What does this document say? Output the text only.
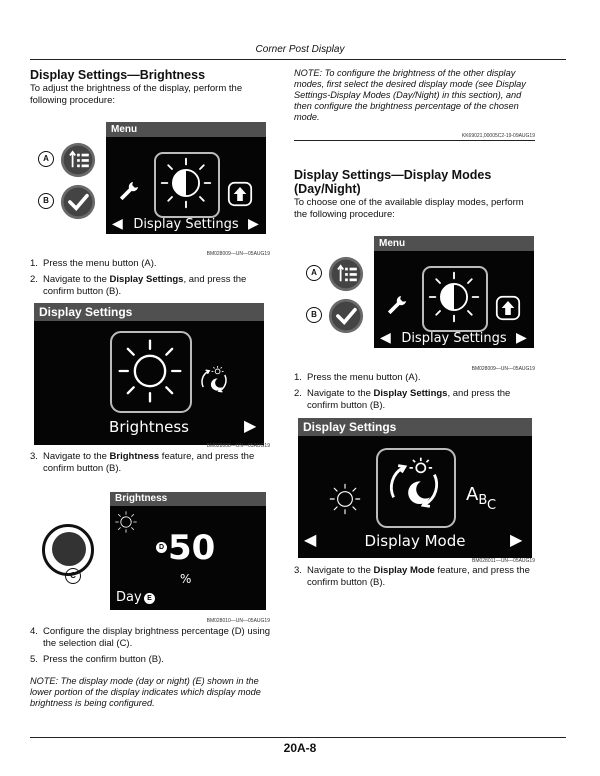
Corner Post Display
Display Settings—Brightness
To adjust the brightness of the display, perform the following procedure:
A
B
Menu
◀ Display Settings ▶
BM028009—UN—05AUG19
1. Press the menu button (A).
2. Navigate to the Display Settings, and press the confirm button (B).
Display Settings
Brightness	▶
BM028008—UN—05AUG19
3. Navigate to the Brightness feature, and press the confirm button (B).
C
Brightness
D 50
%
Day E
BM028010—UN—05AUG19
4. Configure the display brightness percentage (D) using the selection dial (C).
5. Press the confirm button (B).
NOTE: The display mode (day or night) (E) shown in the lower portion of the display indicates which display mode brightness is being configured.
NOTE: To configure the brightness of the other display modes, first select the desired display mode (see Display Settings-Display Modes (Day/Night) in this section), and then configure the brightness percentage of the chosen mode.
KK69021,00005C2-19-09AUG19
Display Settings—Display Modes (Day/Night)
To choose one of the available display modes, perform the following procedure:
A
B
Menu
◀ Display Settings ▶
BM028009—UN—05AUG19
1. Press the menu button (A).
2. Navigate to the Display Settings, and press the confirm button (B).
Display Settings
$A_{BC}$
◀	Display Mode	▶
BM028011—UN—05AUG19
3. Navigate to the Display Mode feature, and press the confirm button (B).
20A-8
